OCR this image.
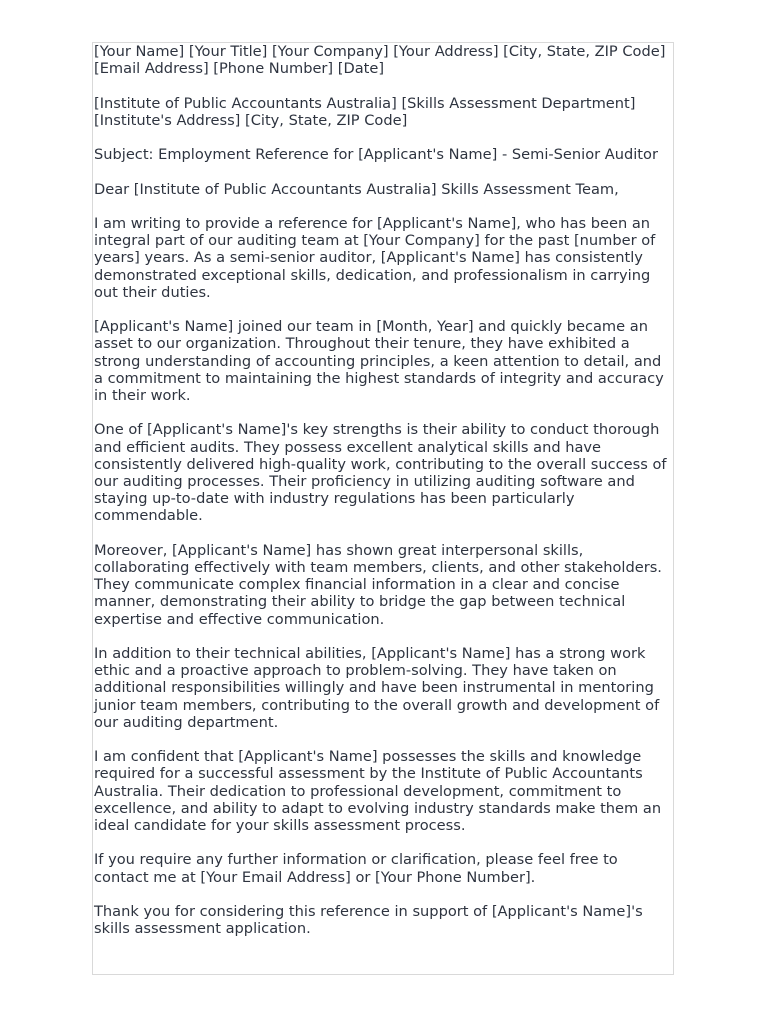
[Your Name] [Your Title] [Your Company] [Your Address] [City, State, ZIP Code] [Email Address] [Phone Number] [Date]

[Institute of Public Accountants Australia] [Skills Assessment Department] [Institute's Address] [City, State, ZIP Code]

Subject: Employment Reference for [Applicant's Name] - Semi-Senior Auditor

Dear [Institute of Public Accountants Australia] Skills Assessment Team,

I am writing to provide a reference for [Applicant's Name], who has been an integral part of our auditing team at [Your Company] for the past [number of years] years. As a semi-senior auditor, [Applicant's Name] has consistently demonstrated exceptional skills, dedication, and professionalism in carrying out their duties.

[Applicant's Name] joined our team in [Month, Year] and quickly became an asset to our organization. Throughout their tenure, they have exhibited a strong understanding of accounting principles, a keen attention to detail, and a commitment to maintaining the highest standards of integrity and accuracy in their work.

One of [Applicant's Name]'s key strengths is their ability to conduct thorough and efficient audits. They possess excellent analytical skills and have consistently delivered high-quality work, contributing to the overall success of our auditing processes. Their proficiency in utilizing auditing software and staying up-to-date with industry regulations has been particularly commendable.

Moreover, [Applicant's Name] has shown great interpersonal skills, collaborating effectively with team members, clients, and other stakeholders. They communicate complex financial information in a clear and concise manner, demonstrating their ability to bridge the gap between technical expertise and effective communication.

In addition to their technical abilities, [Applicant's Name] has a strong work ethic and a proactive approach to problem-solving. They have taken on additional responsibilities willingly and have been instrumental in mentoring junior team members, contributing to the overall growth and development of our auditing department.

I am confident that [Applicant's Name] possesses the skills and knowledge required for a successful assessment by the Institute of Public Accountants Australia. Their dedication to professional development, commitment to excellence, and ability to adapt to evolving industry standards make them an ideal candidate for your skills assessment process.

If you require any further information or clarification, please feel free to contact me at [Your Email Address] or [Your Phone Number].

Thank you for considering this reference in support of [Applicant's Name]'s skills assessment application.
